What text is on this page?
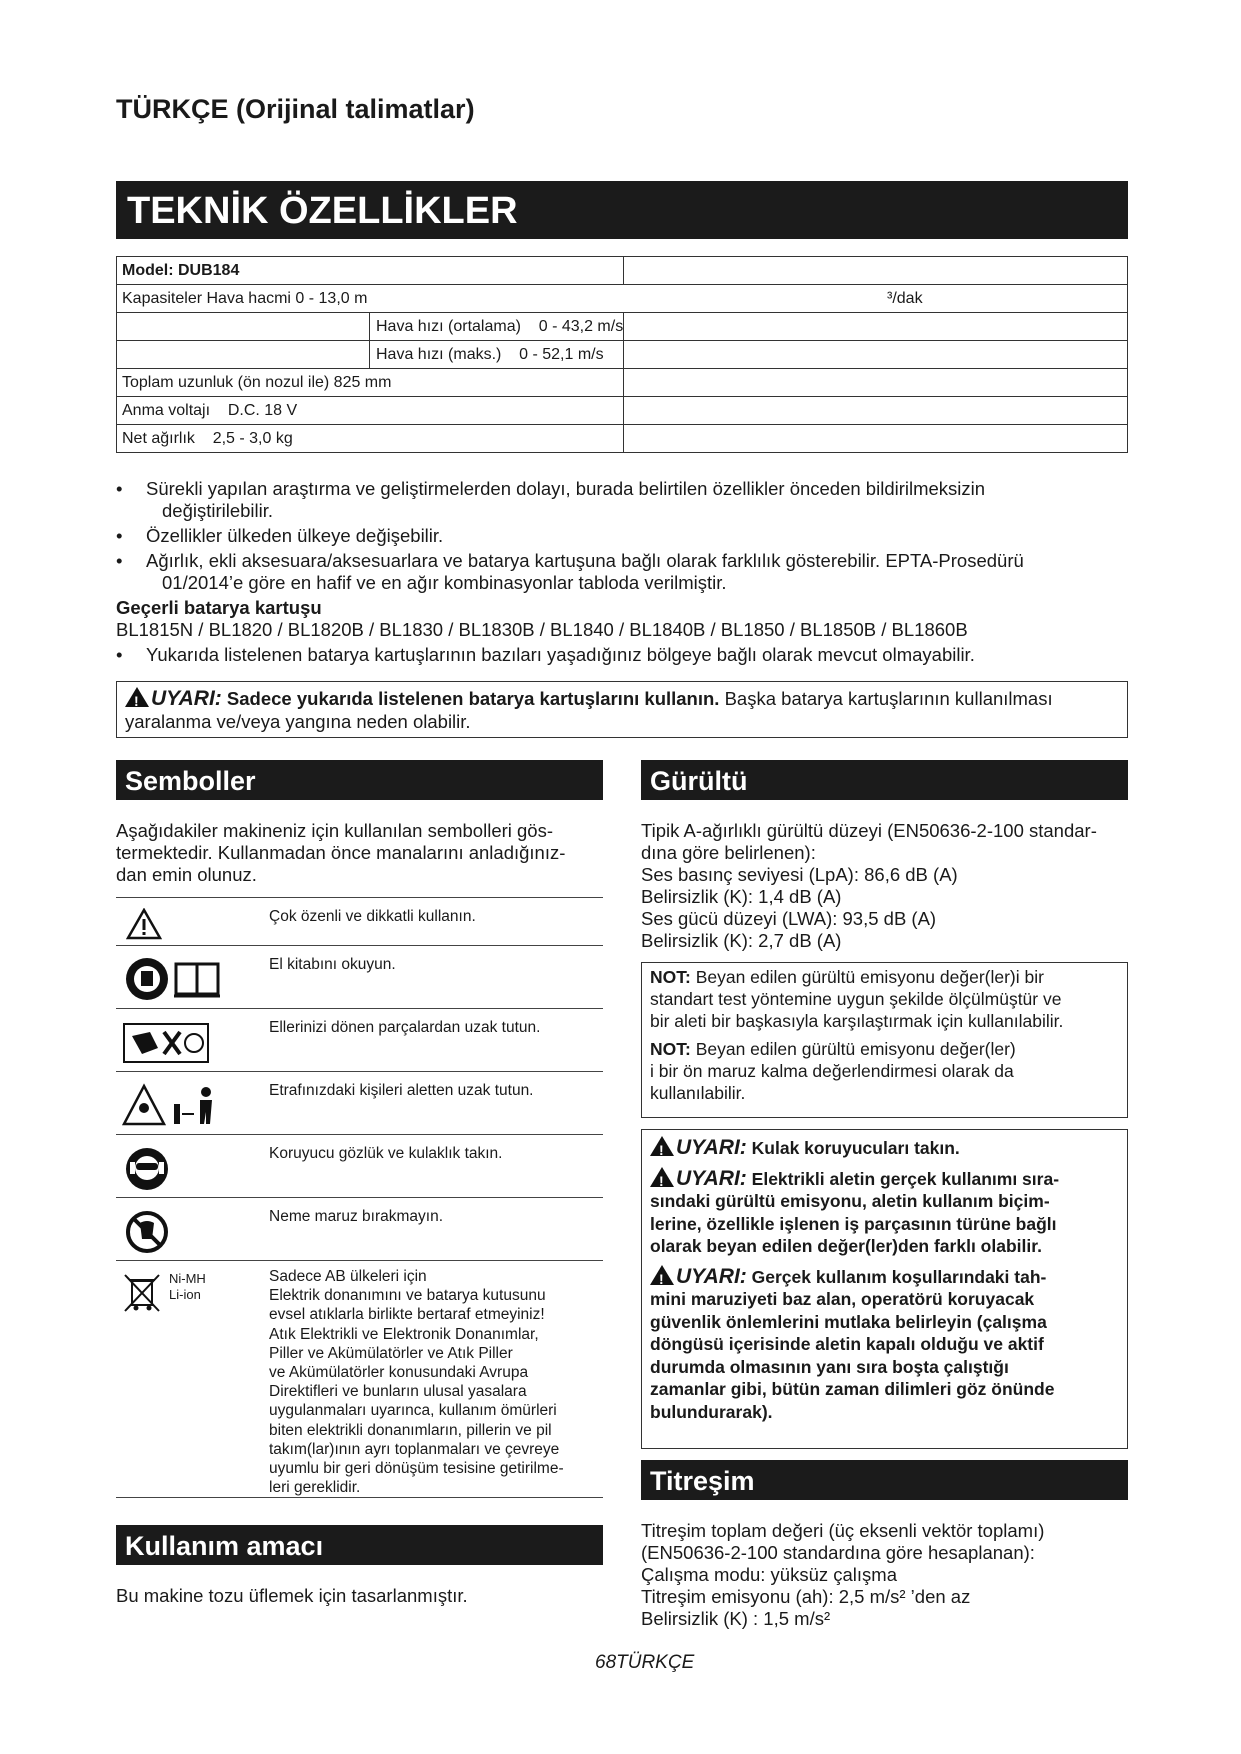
TÜRKÇE (Orijinal talimatlar)
TEKNİK ÖZELLİKLER
Model: DUB184	
Kapasiteler Hava hacmi 0 - 13,0 m ³/dak	

Hava hızı (ortalama)    0 - 43,2 m/s	

Hava hızı (maks.)    0 - 52,1 m/s	

Toplam uzunluk (ön nozul ile) 825 mm	
Anma voltajı    D.C. 18 V	
Net ağırlık    2,5 - 3,0 kg	
• Sürekli yapılan araştırma ve geliştirmelerden dolayı, burada belirtilen özellikler önceden bildirilmeksizin
değiştirilebilir.
• Özellikler ülkeden ülkeye değişebilir.
• Ağırlık, ekli aksesuara/aksesuarlara ve batarya kartuşuna bağlı olarak farklılık gösterebilir. EPTA-Prosedürü
01/2014’e göre en hafif ve en ağır kombinasyonlar tabloda verilmiştir.
Geçerli batarya kartuşu
BL1815N / BL1820 / BL1820B / BL1830 / BL1830B / BL1840 / BL1840B / BL1850 / BL1850B / BL1860B
• Yukarıda listelenen batarya kartuşlarının bazıları yaşadığınız bölgeye bağlı olarak mevcut olmayabilir.
!UYARI: Sadece yukarıda listelenen batarya kartuşlarını kullanın. Başka batarya kartuşlarının kullanılması
yaralanma ve/veya yangına neden olabilir.
Semboller
Aşağıdakiler makineniz için kullanılan sembolleri gös-
termektedir. Kullanmadan önce manalarını anladığınız-
dan emin olunuz.
Çok özenli ve dikkatli kullanın.
El kitabını okuyun.
Ellerinizi dönen parçalardan uzak tutun.
Etrafınızdaki kişileri aletten uzak tutun.
Koruyucu gözlük ve kulaklık takın.
Neme maruz bırakmayın.
Ni-MH
Li-ion
Sadece AB ülkeleri için
Elektrik donanımını ve batarya kutusunu
evsel atıklarla birlikte bertaraf etmeyiniz!
Atık Elektrikli ve Elektronik Donanımlar,
Piller ve Akümülatörler ve Atık Piller
ve Akümülatörler konusundaki Avrupa
Direktifleri ve bunların ulusal yasalara
uygulanmaları uyarınca, kullanım ömürleri
biten elektrikli donanımların, pillerin ve pil
takım(lar)ının ayrı toplanmaları ve çevreye
uyumlu bir geri dönüşüm tesisine getirilme-
leri gereklidir.
Kullanım amacı
Bu makine tozu üflemek için tasarlanmıştır.
Gürültü
Tipik A-ağırlıklı gürültü düzeyi (EN50636-2-100 standar-
dına göre belirlenen):
Ses basınç seviyesi (LpA): 86,6 dB (A)
Belirsizlik (K): 1,4 dB (A)
Ses gücü düzeyi (LWA): 93,5 dB (A)
Belirsizlik (K): 2,7 dB (A)
NOT: Beyan edilen gürültü emisyonu değer(ler)i bir
standart test yöntemine uygun şekilde ölçülmüştür ve
bir aleti bir başkasıyla karşılaştırmak için kullanılabilir.
NOT: Beyan edilen gürültü emisyonu değer(ler)
i bir ön maruz kalma değerlendirmesi olarak da
kullanılabilir.
!UYARI: Kulak koruyucuları takın.
!UYARI: Elektrikli aletin gerçek kullanımı sıra-
sındaki gürültü emisyonu, aletin kullanım biçim-
lerine, özellikle işlenen iş parçasının türüne bağlı
olarak beyan edilen değer(ler)den farklı olabilir.
!UYARI: Gerçek kullanım koşullarındaki tah-
mini maruziyeti baz alan, operatörü koruyacak
güvenlik önlemlerini mutlaka belirleyin (çalışma
döngüsü içerisinde aletin kapalı olduğu ve aktif
durumda olmasının yanı sıra boşta çalıştığı
zamanlar gibi, bütün zaman dilimleri göz önünde
bulundurarak).
Titreşim
Titreşim toplam değeri (üç eksenli vektör toplamı)
(EN50636-2-100 standardına göre hesaplanan):
Çalışma modu: yüksüz çalışma
Titreşim emisyonu (ah): 2,5 m/s² ’den az
Belirsizlik (K) : 1,5 m/s²
68TÜRKÇE
